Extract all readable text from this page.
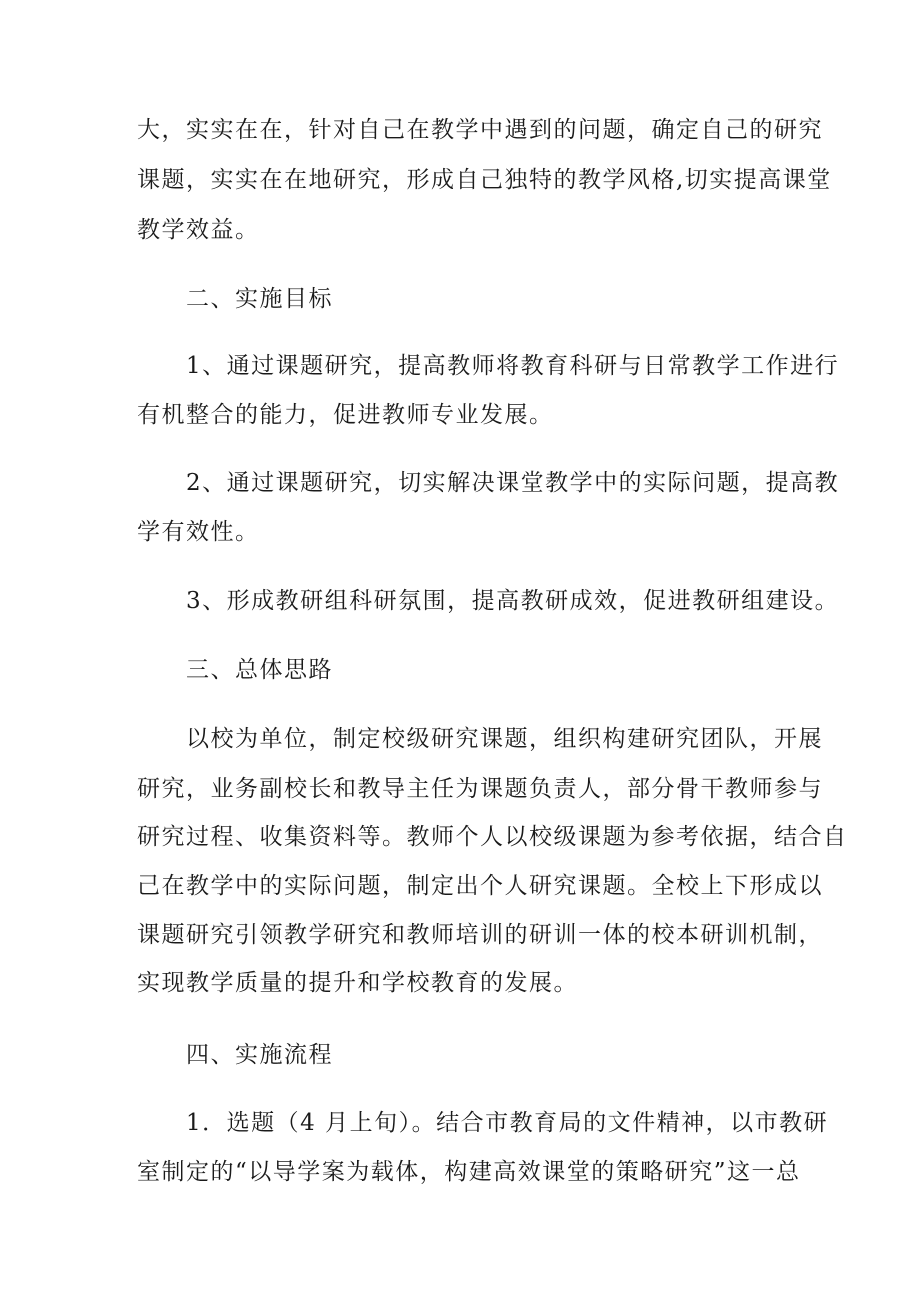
大，实实在在，针对自己在教学中遇到的问题，确定自己的研究
课题，实实在在地研究，形成自己独特的教学风格,切实提高课堂
教学效益。
二、实施目标
1、通过课题研究，提高教师将教育科研与日常教学工作进行
有机整合的能力，促进教师专业发展。
2、通过课题研究，切实解决课堂教学中的实际问题，提高教
学有效性。
3、形成教研组科研氛围，提高教研成效，促进教研组建设。
三、总体思路
以校为单位，制定校级研究课题，组织构建研究团队，开展
研究，业务副校长和教导主任为课题负责人，部分骨干教师参与
研究过程、收集资料等。教师个人以校级课题为参考依据，结合自
己在教学中的实际问题，制定出个人研究课题。全校上下形成以
课题研究引领教学研究和教师培训的研训一体的校本研训机制，
实现教学质量的提升和学校教育的发展。
四、实施流程
1．选题（4 月上旬）。结合市教育局的文件精神，以市教研
室制定的“以导学案为载体，构建高效课堂的策略研究”这一总
